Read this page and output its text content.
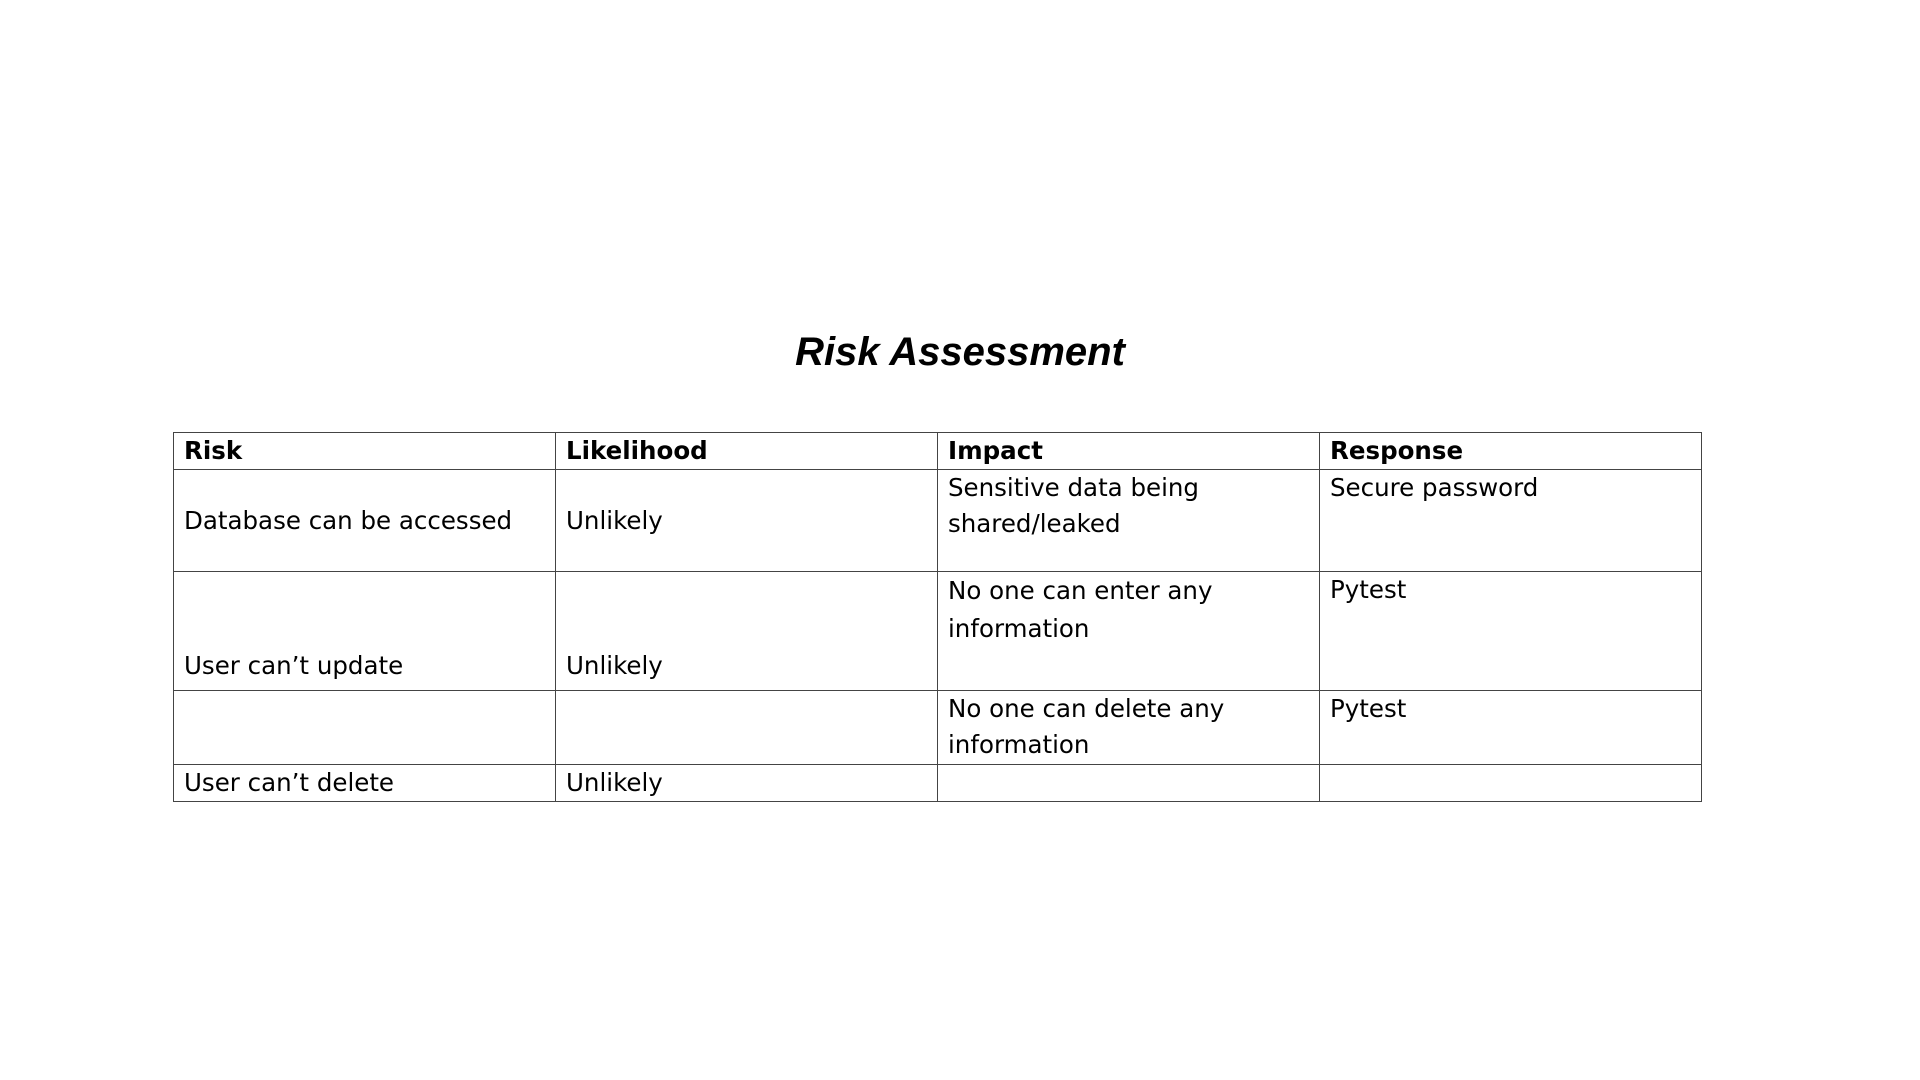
Risk Assessment
Risk	Likelihood	Impact	Response
Database can be accessed	Unlikely	Sensitive data being shared/leaked	Secure password
User can’t update	Unlikely	No one can enter any information	Pytest
		No one can delete any information	Pytest
User can’t delete	Unlikely		
